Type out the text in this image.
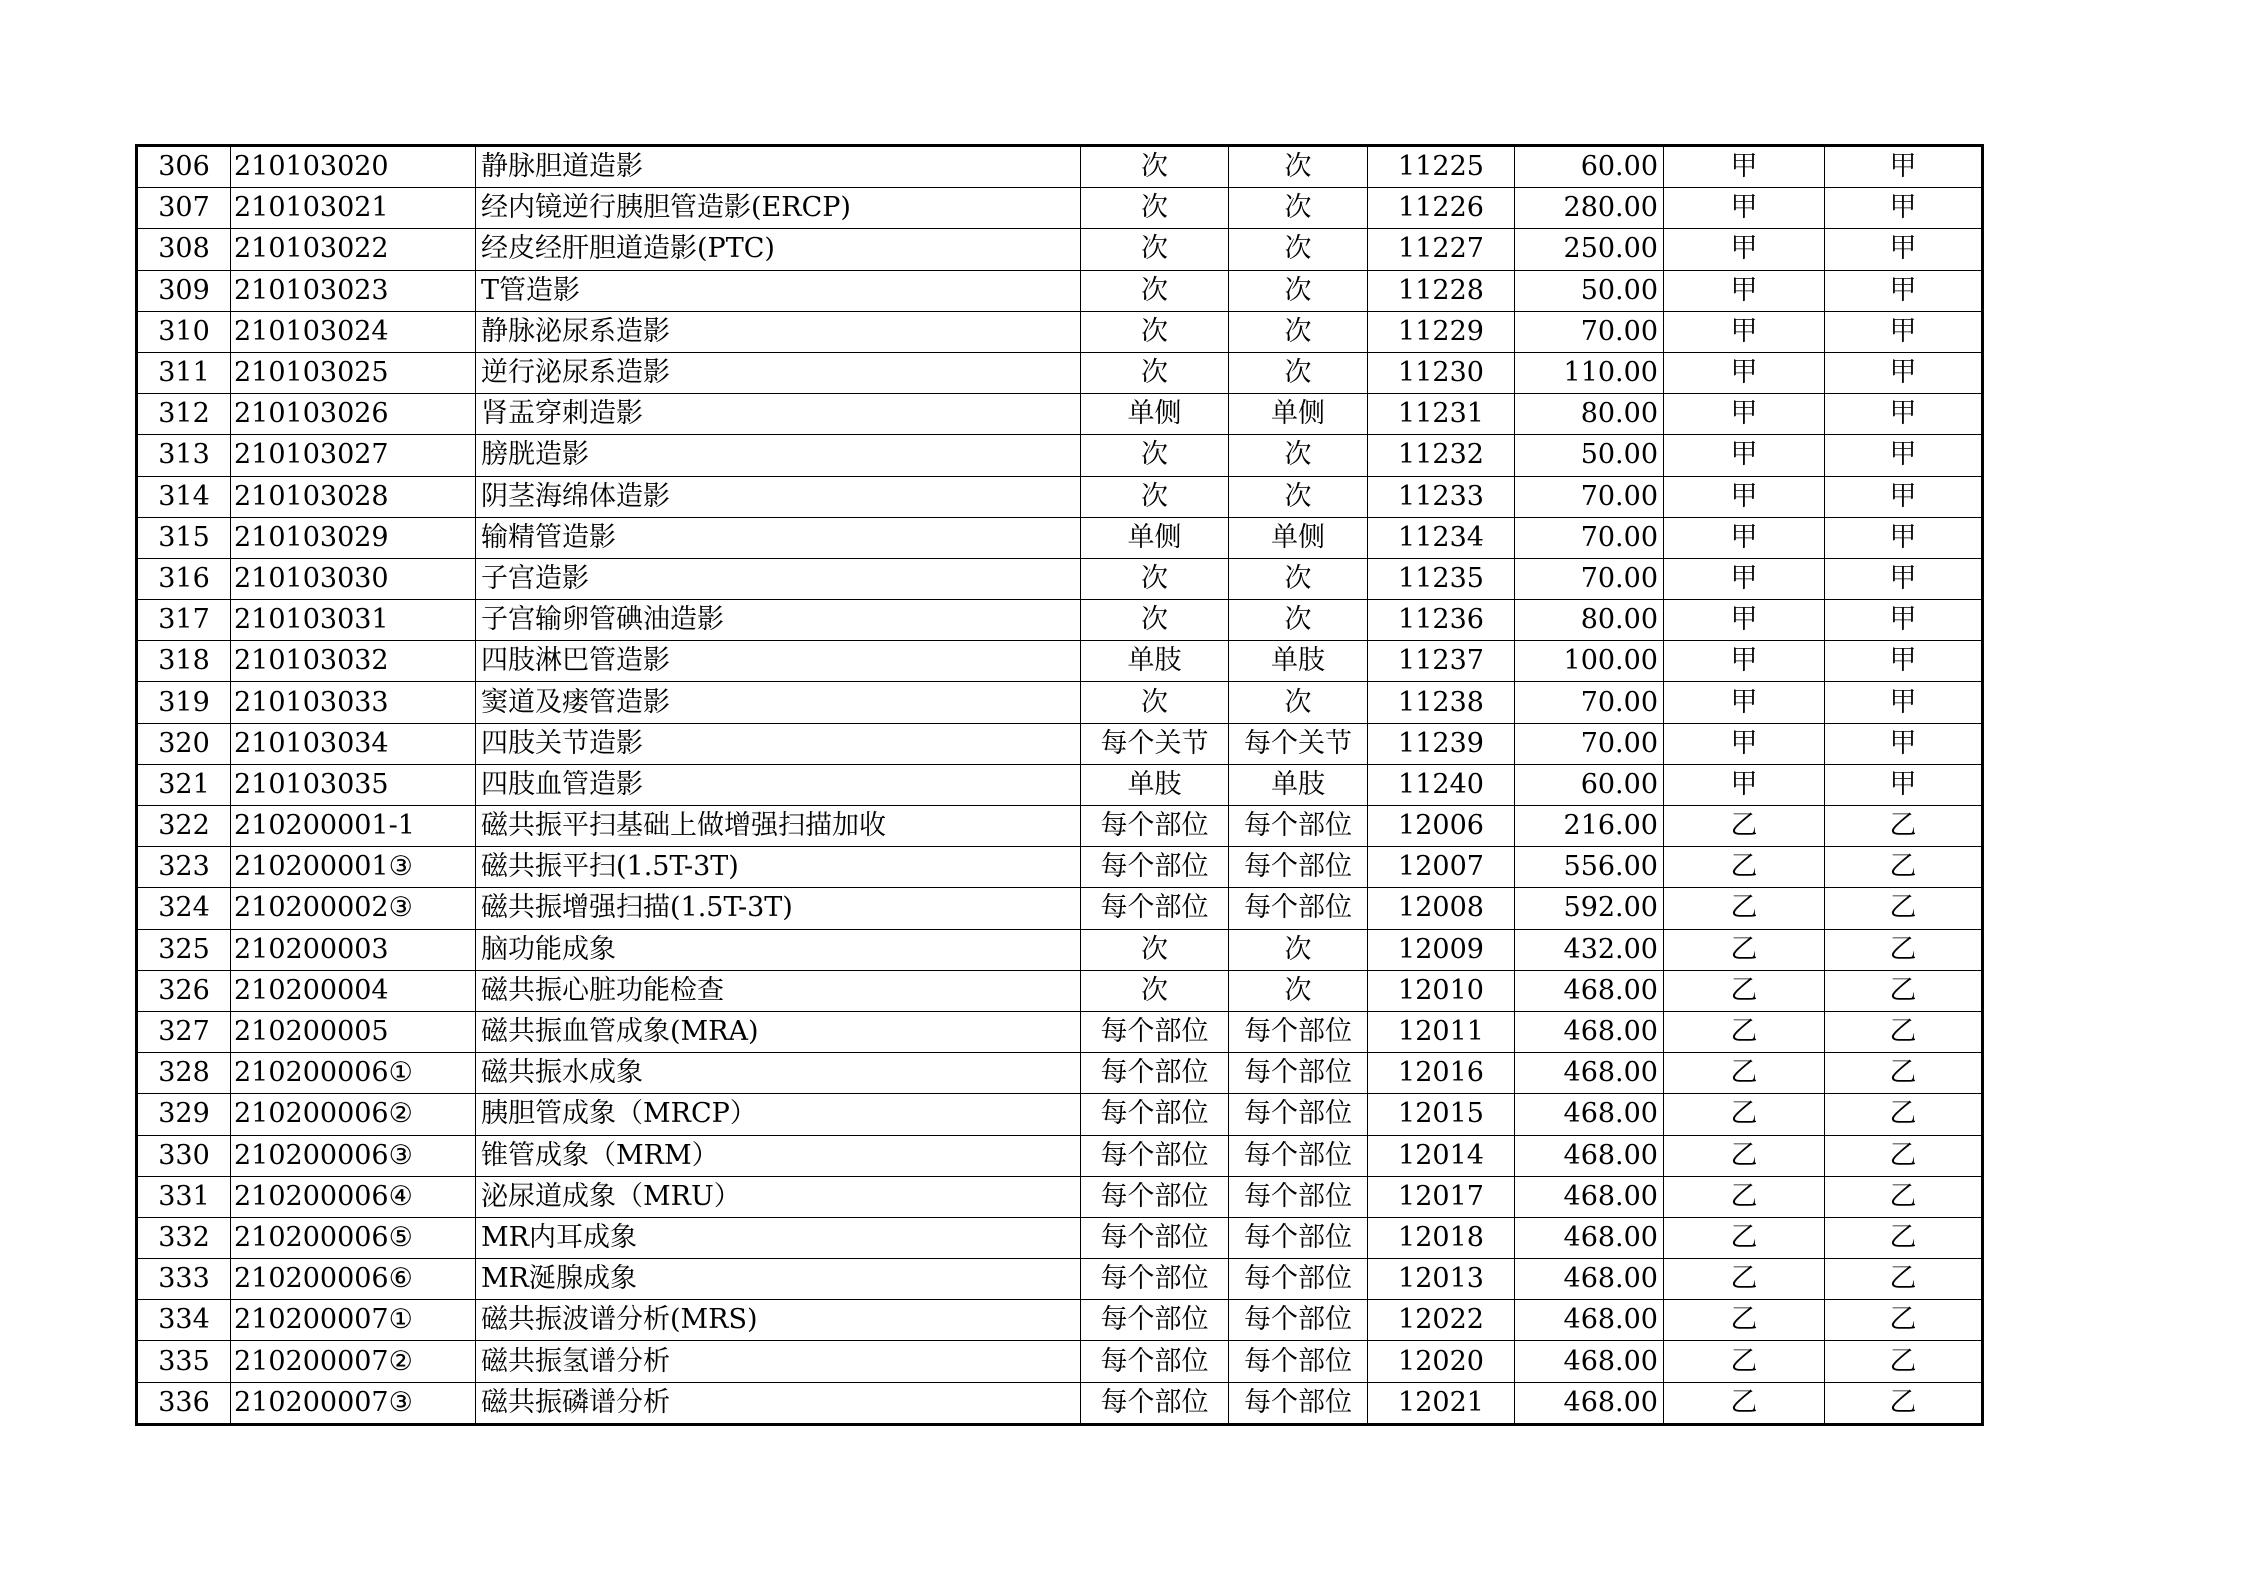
306	210103020	静脉胆道造影	次	次	11225	60.00	甲	甲
307	210103021	经内镜逆行胰胆管造影(ERCP)	次	次	11226	280.00	甲	甲
308	210103022	经皮经肝胆道造影(PTC)	次	次	11227	250.00	甲	甲
309	210103023	T管造影	次	次	11228	50.00	甲	甲
310	210103024	静脉泌尿系造影	次	次	11229	70.00	甲	甲
311	210103025	逆行泌尿系造影	次	次	11230	110.00	甲	甲
312	210103026	肾盂穿刺造影	单侧	单侧	11231	80.00	甲	甲
313	210103027	膀胱造影	次	次	11232	50.00	甲	甲
314	210103028	阴茎海绵体造影	次	次	11233	70.00	甲	甲
315	210103029	输精管造影	单侧	单侧	11234	70.00	甲	甲
316	210103030	子宫造影	次	次	11235	70.00	甲	甲
317	210103031	子宫输卵管碘油造影	次	次	11236	80.00	甲	甲
318	210103032	四肢淋巴管造影	单肢	单肢	11237	100.00	甲	甲
319	210103033	窦道及瘘管造影	次	次	11238	70.00	甲	甲
320	210103034	四肢关节造影	每个关节	每个关节	11239	70.00	甲	甲
321	210103035	四肢血管造影	单肢	单肢	11240	60.00	甲	甲
322	210200001-1	磁共振平扫基础上做增强扫描加收	每个部位	每个部位	12006	216.00	乙	乙
323	210200001③	磁共振平扫(1.5T-3T)	每个部位	每个部位	12007	556.00	乙	乙
324	210200002③	磁共振增强扫描(1.5T-3T)	每个部位	每个部位	12008	592.00	乙	乙
325	210200003	脑功能成象	次	次	12009	432.00	乙	乙
326	210200004	磁共振心脏功能检查	次	次	12010	468.00	乙	乙
327	210200005	磁共振血管成象(MRA)	每个部位	每个部位	12011	468.00	乙	乙
328	210200006①	磁共振水成象	每个部位	每个部位	12016	468.00	乙	乙
329	210200006②	胰胆管成象（MRCP）	每个部位	每个部位	12015	468.00	乙	乙
330	210200006③	锥管成象（MRM）	每个部位	每个部位	12014	468.00	乙	乙
331	210200006④	泌尿道成象（MRU）	每个部位	每个部位	12017	468.00	乙	乙
332	210200006⑤	MR内耳成象	每个部位	每个部位	12018	468.00	乙	乙
333	210200006⑥	MR涎腺成象	每个部位	每个部位	12013	468.00	乙	乙
334	210200007①	磁共振波谱分析(MRS)	每个部位	每个部位	12022	468.00	乙	乙
335	210200007②	磁共振氢谱分析	每个部位	每个部位	12020	468.00	乙	乙
336	210200007③	磁共振磷谱分析	每个部位	每个部位	12021	468.00	乙	乙
